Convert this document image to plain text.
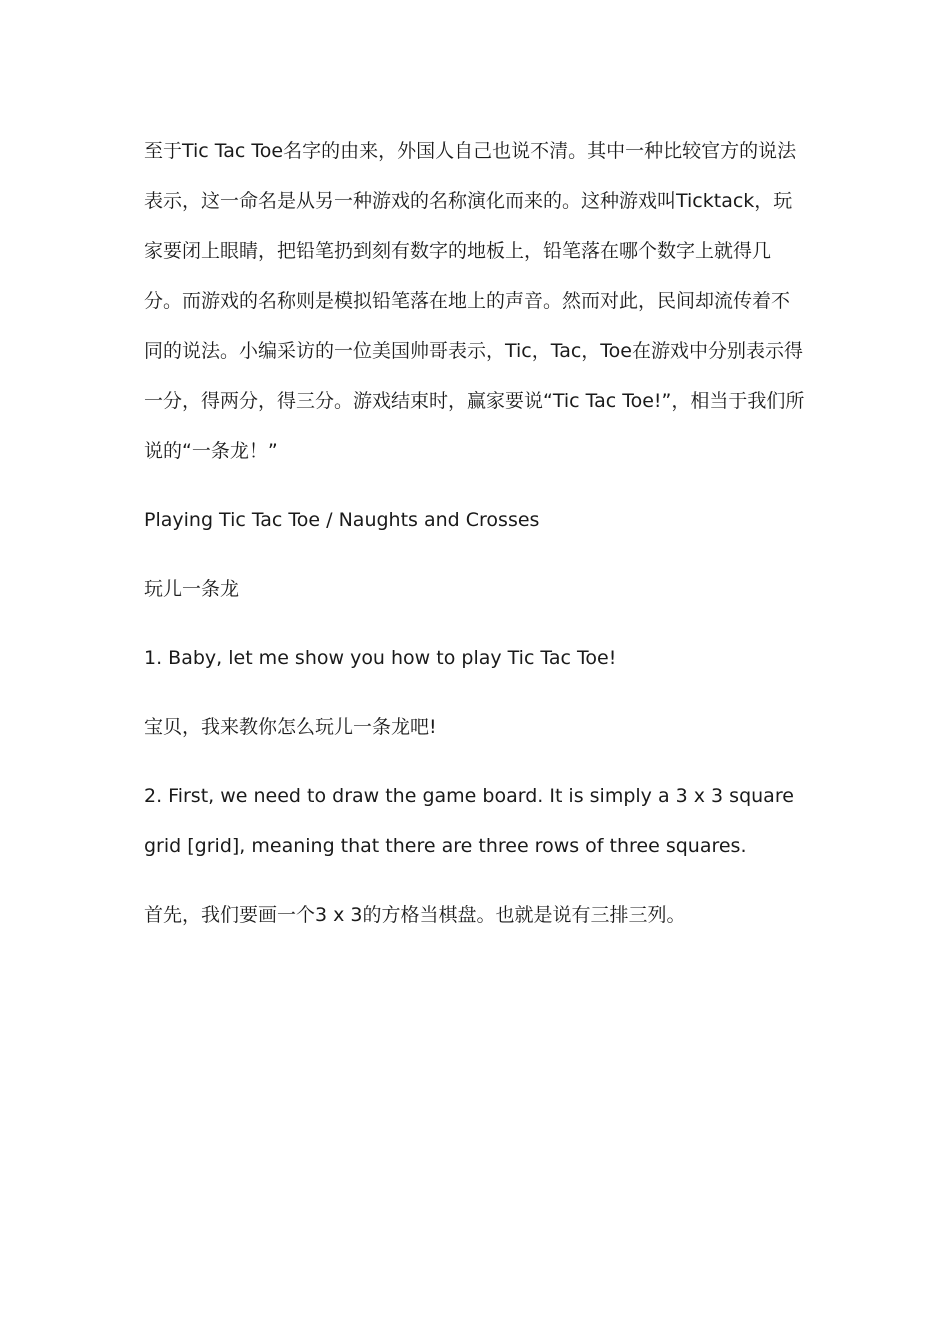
至于Tic Tac Toe名字的由来，外国人自己也说不清。其中一种比较官方的说法表示，这一命名是从另一种游戏的名称演化而来的。这种游戏叫Ticktack，玩家要闭上眼睛，把铅笔扔到刻有数字的地板上，铅笔落在哪个数字上就得几分。而游戏的名称则是模拟铅笔落在地上的声音。然而对此，民间却流传着不同的说法。小编采访的一位美国帅哥表示，Tic，Tac，Toe在游戏中分别表示得一分，得两分，得三分。游戏结束时，赢家要说“Tic Tac Toe!”，相当于我们所说的“一条龙！”

Playing Tic Tac Toe / Naughts and Crosses

玩儿一条龙

1. Baby, let me show you how to play Tic Tac Toe!

宝贝，我来教你怎么玩儿一条龙吧!

2. First, we need to draw the game board. It is simply a 3 x 3 square grid [grid], meaning that there are three rows of three squares.

首先，我们要画一个3 x 3的方格当棋盘。也就是说有三排三列。
